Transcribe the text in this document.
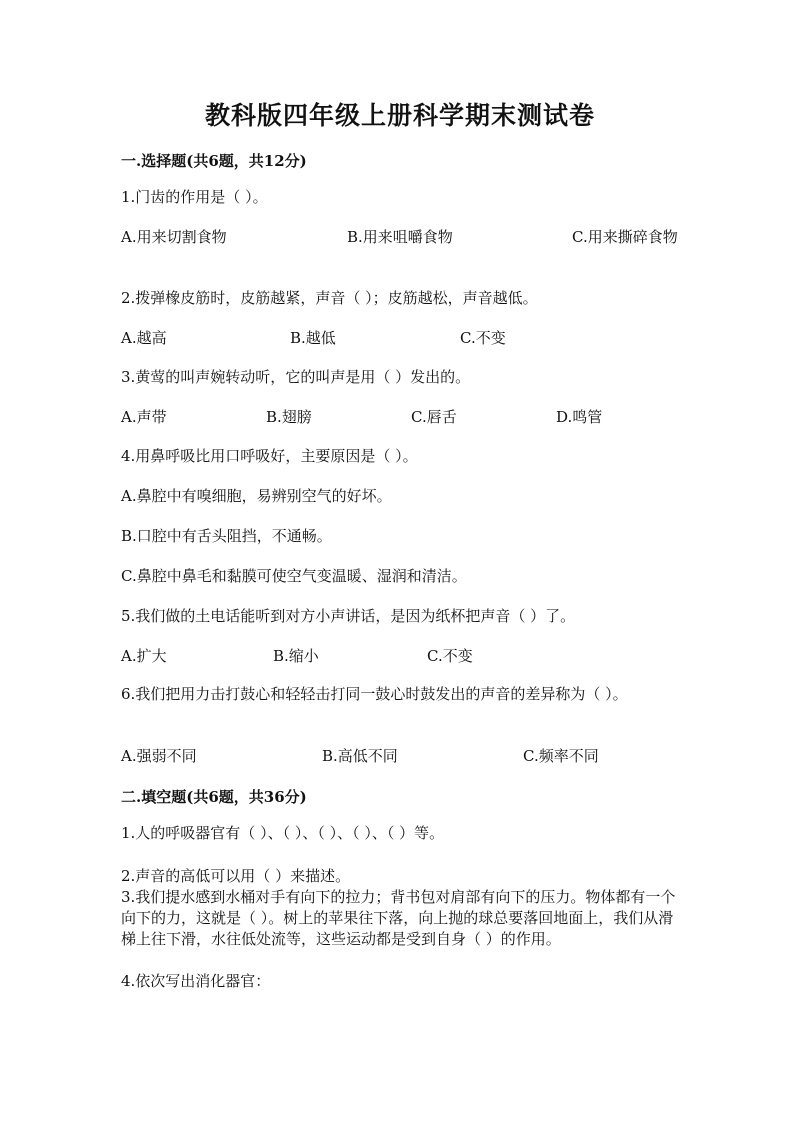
教科版四年级上册科学期末测试卷
一.选择题(共6题，共12分)
1.门齿的作用是（ ）。
A.用来切割食物	B.用来咀嚼食物	C.用来撕碎食物
2.拨弹橡皮筋时，皮筋越紧，声音（ ）；皮筋越松，声音越低。
A.越高	B.越低	C.不变
3.黄莺的叫声婉转动听，它的叫声是用（ ）发出的。
A.声带	B.翅膀	C.唇舌	D.鸣管
4.用鼻呼吸比用口呼吸好，主要原因是（ ）。
A.鼻腔中有嗅细胞，易辨别空气的好坏。
B.口腔中有舌头阻挡，不通畅。
C.鼻腔中鼻毛和黏膜可使空气变温暖、湿润和清洁。
5.我们做的土电话能听到对方小声讲话，是因为纸杯把声音（ ）了。
A.扩大	B.缩小	C.不变
6.我们把用力击打鼓心和轻轻击打同一鼓心时鼓发出的声音的差异称为（ ）。
A.强弱不同	B.高低不同	C.频率不同
二.填空题(共6题，共36分)
1.人的呼吸器官有（ ）、（ ）、（ ）、（ ）、（ ）等。
2.声音的高低可以用（ ）来描述。
3.我们提水感到水桶对手有向下的拉力；背书包对肩部有向下的压力。物体都有一个向下的力，这就是（ ）。树上的苹果往下落，向上抛的球总要落回地面上，我们从滑梯上往下滑，水往低处流等，这些运动都是受到自身（ ）的作用。
4.依次写出消化器官：
